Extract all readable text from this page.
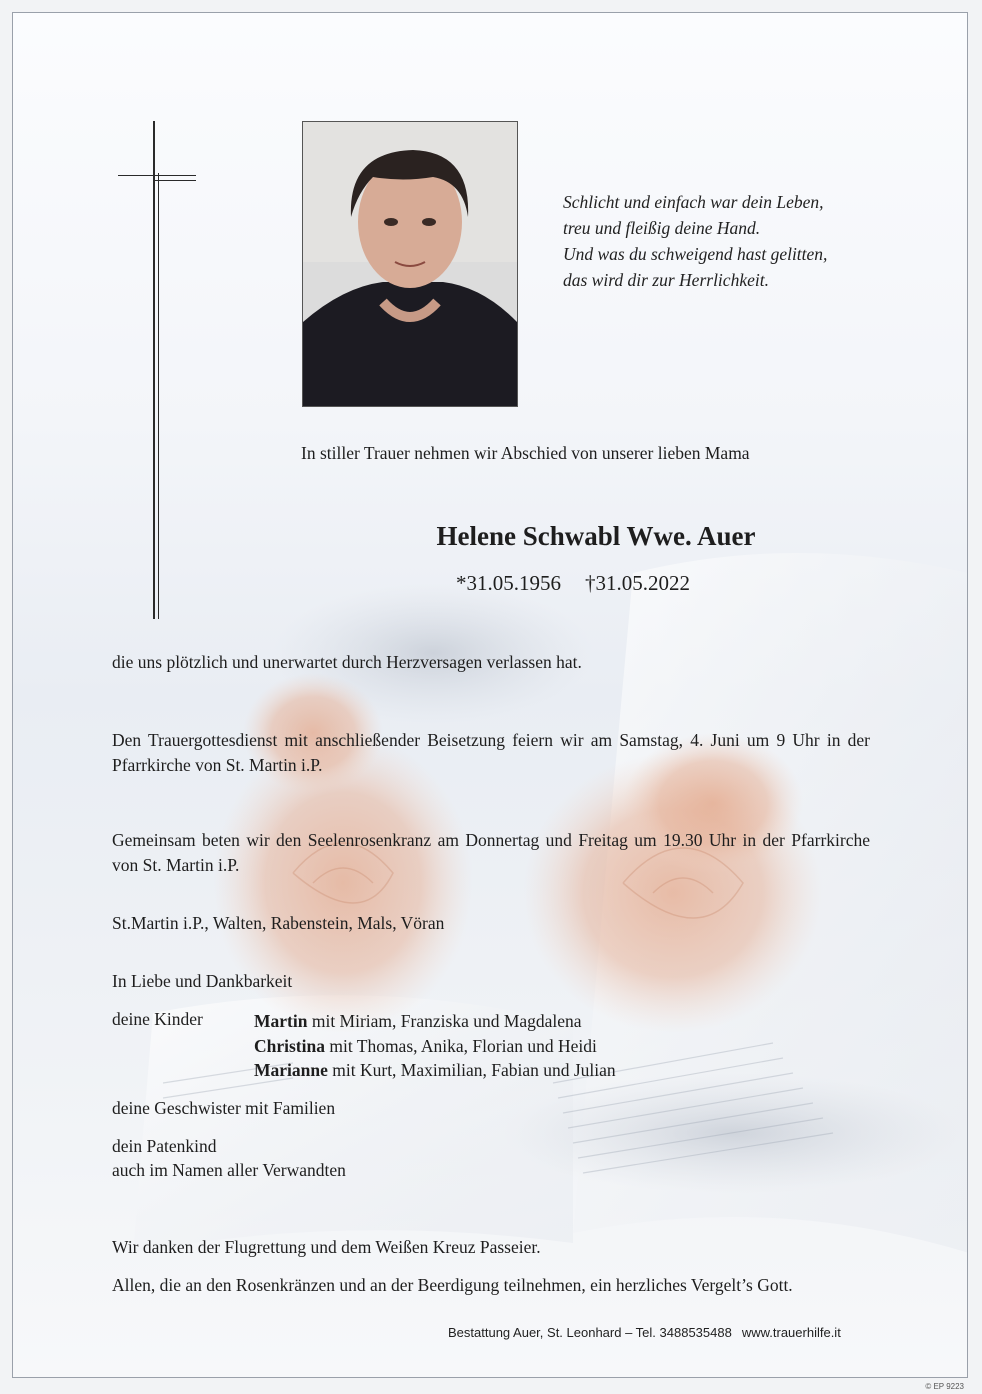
Schlicht und einfach war dein Leben,
treu und fleißig deine Hand.
Und was du schweigend hast gelitten,
das wird dir zur Herrlichkeit.
In stiller Trauer nehmen wir Abschied von unserer lieben Mama
Helene Schwabl Wwe. Auer
*31.05.1956 †31.05.2022
die uns plötzlich und unerwartet durch Herzversagen verlassen hat.
Den Trauergottesdienst mit anschließender Beisetzung feiern wir am Samstag, 4. Juni um 9 Uhr in der Pfarrkirche von St. Martin i.P.
Gemeinsam beten wir den Seelenrosenkranz am Donnertag und Freitag um 19.30 Uhr in der Pfarrkirche von St. Martin i.P.
St.Martin i.P., Walten, Rabenstein, Mals, Vöran
In Liebe und Dankbarkeit
deine Kinder	Martin mit Miriam, Franziska und Magdalena
Christina mit Thomas, Anika, Florian und Heidi
Marianne mit Kurt, Maximilian, Fabian und Julian
deine Geschwister mit Familien
dein Patenkind
auch im Namen aller Verwandten
Wir danken der Flugrettung und dem Weißen Kreuz Passeier.
Allen, die an den Rosenkränzen und an der Beerdigung teilnehmen, ein herzliches Vergelt’s Gott.
Bestattung Auer, St. Leonhard – Tel. 3488535488 www.trauerhilfe.it
© EP 9223
